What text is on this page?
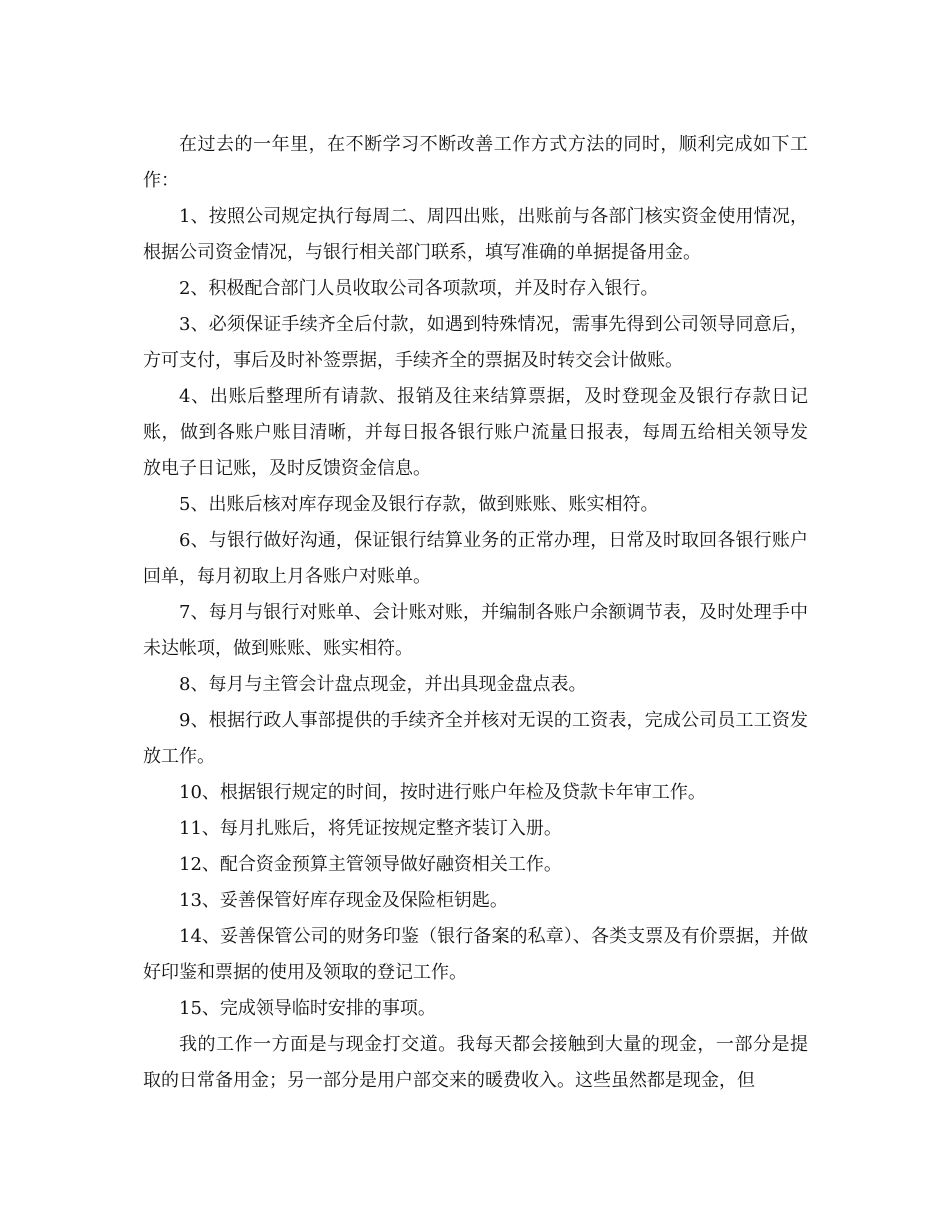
在过去的一年里，在不断学习不断改善工作方式方法的同时，顺利完成如下工作：

1、按照公司规定执行每周二、周四出账，出账前与各部门核实资金使用情况，根据公司资金情况，与银行相关部门联系，填写准确的单据提备用金。

2、积极配合部门人员收取公司各项款项，并及时存入银行。

3、必须保证手续齐全后付款，如遇到特殊情况，需事先得到公司领导同意后，方可支付，事后及时补签票据，手续齐全的票据及时转交会计做账。

4、出账后整理所有请款、报销及往来结算票据，及时登现金及银行存款日记账，做到各账户账目清晰，并每日报各银行账户流量日报表，每周五给相关领导发放电子日记账，及时反馈资金信息。

5、出账后核对库存现金及银行存款，做到账账、账实相符。

6、与银行做好沟通，保证银行结算业务的正常办理，日常及时取回各银行账户回单，每月初取上月各账户对账单。

7、每月与银行对账单、会计账对账，并编制各账户余额调节表，及时处理手中未达帐项，做到账账、账实相符。

8、每月与主管会计盘点现金，并出具现金盘点表。

9、根据行政人事部提供的手续齐全并核对无误的工资表，完成公司员工工资发放工作。

10、根据银行规定的时间，按时进行账户年检及贷款卡年审工作。

11、每月扎账后，将凭证按规定整齐装订入册。

12、配合资金预算主管领导做好融资相关工作。

13、妥善保管好库存现金及保险柜钥匙。

14、妥善保管公司的财务印鉴（银行备案的私章）、各类支票及有价票据，并做好印鉴和票据的使用及领取的登记工作。

15、完成领导临时安排的事项。

我的工作一方面是与现金打交道。我每天都会接触到大量的现金，一部分是提取的日常备用金；另一部分是用户部交来的暖费收入。这些虽然都是现金，但
